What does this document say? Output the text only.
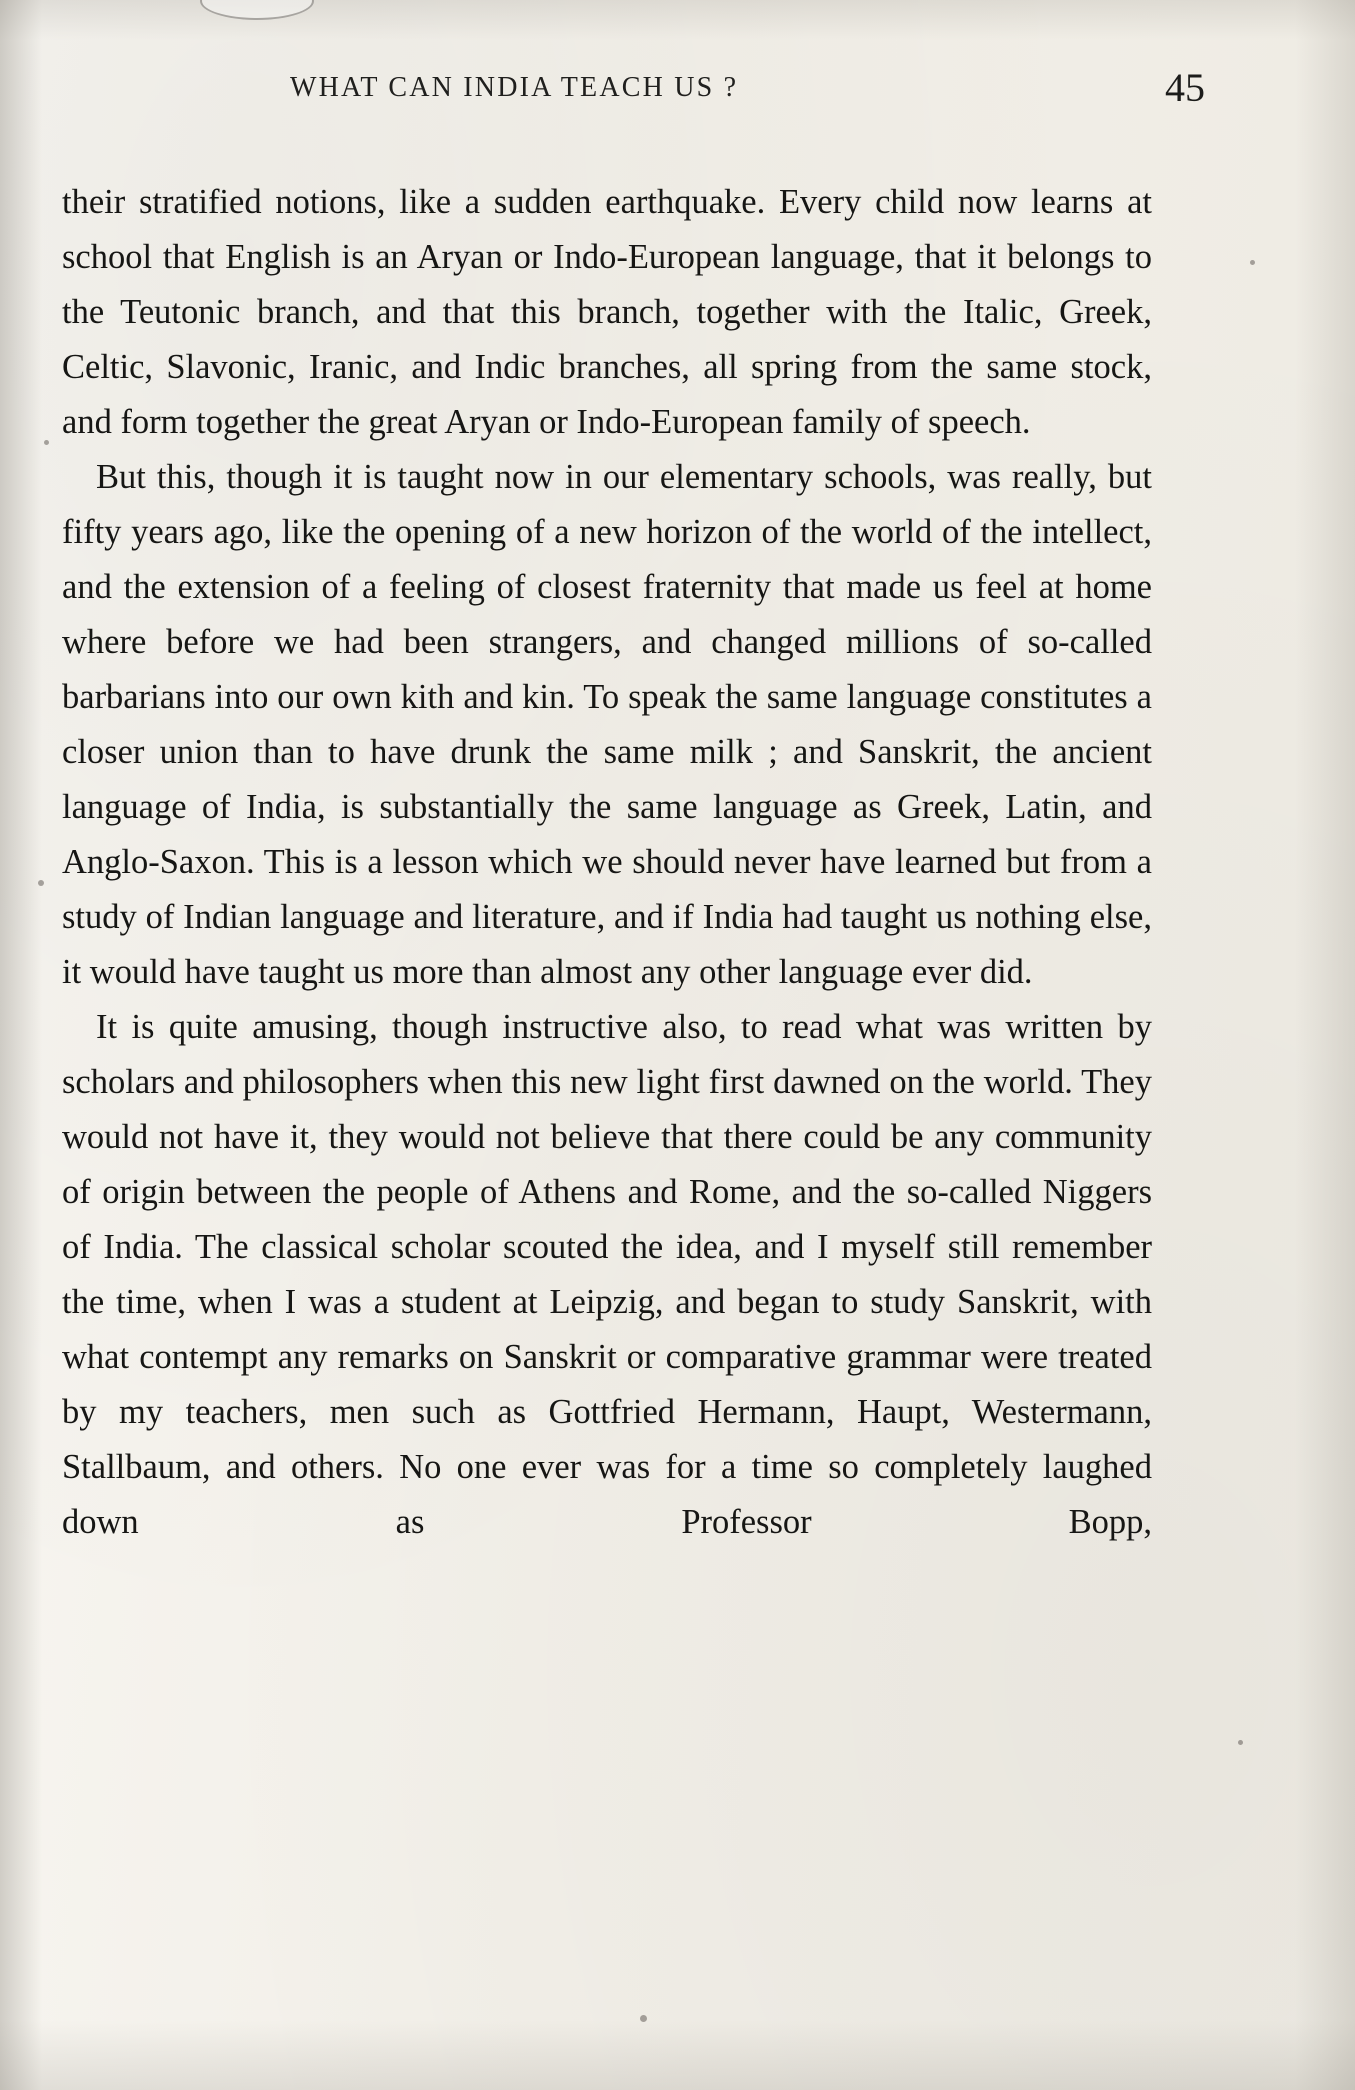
WHAT CAN INDIA TEACH US ?	45

their stratified notions, like a sudden earthquake. Every child now learns at school that English is an Aryan or Indo-European language, that it belongs to the Teutonic branch, and that this branch, together with the Italic, Greek, Celtic, Slavonic, Iranic, and Indic branches, all spring from the same stock, and form together the great Aryan or Indo-European family of speech.

But this, though it is taught now in our elementary schools, was really, but fifty years ago, like the opening of a new horizon of the world of the intellect, and the extension of a feeling of closest fraternity that made us feel at home where before we had been strangers, and changed millions of so-called barbarians into our own kith and kin. To speak the same language constitutes a closer union than to have drunk the same milk ; and Sanskrit, the ancient language of India, is substantially the same language as Greek, Latin, and Anglo-Saxon. This is a lesson which we should never have learned but from a study of Indian language and literature, and if India had taught us nothing else, it would have taught us more than almost any other language ever did.

It is quite amusing, though instructive also, to read what was written by scholars and philosophers when this new light first dawned on the world. They would not have it, they would not believe that there could be any community of origin between the people of Athens and Rome, and the so-called Niggers of India. The classical scholar scouted the idea, and I myself still remember the time, when I was a student at Leipzig, and began to study Sanskrit, with what contempt any remarks on Sanskrit or comparative grammar were treated by my teachers, men such as Gottfried Hermann, Haupt, Westermann, Stallbaum, and others. No one ever was for a time so completely laughed down as Professor Bopp,
